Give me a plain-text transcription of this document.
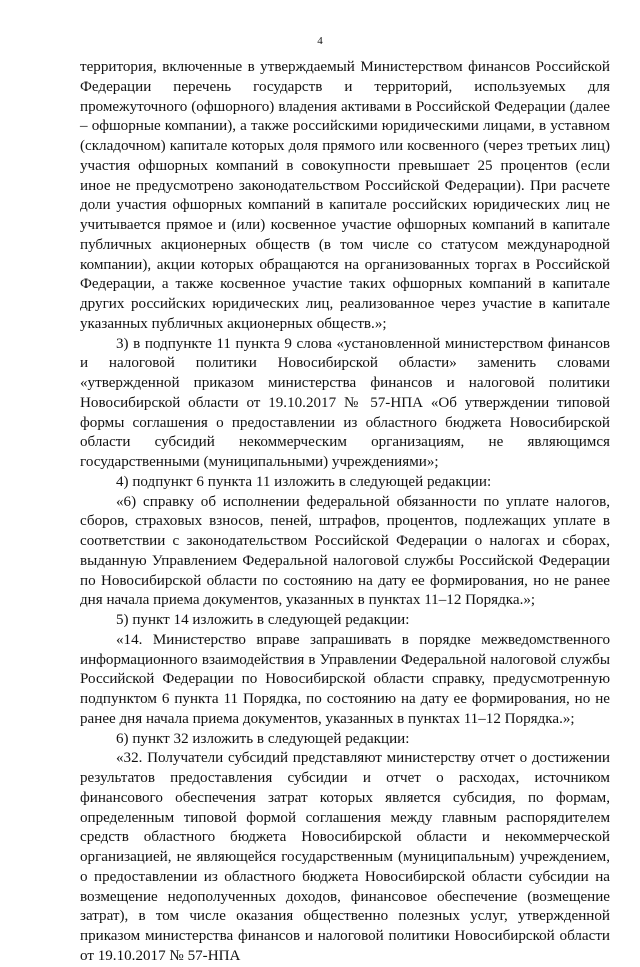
4

территория, включенные в утверждаемый Министерством финансов Российской Федерации перечень государств и территорий, используемых для промежуточного (офшорного) владения активами в Российской Федерации (далее – офшорные компании), а также российскими юридическими лицами, в уставном (складочном) капитале которых доля прямого или косвенного (через третьих лиц) участия офшорных компаний в совокупности превышает 25 процентов (если иное не предусмотрено законодательством Российской Федерации). При расчете доли участия офшорных компаний в капитале российских юридических лиц не учитывается прямое и (или) косвенное участие офшорных компаний в капитале публичных акционерных обществ (в том числе со статусом международной компании), акции которых обращаются на организованных торгах в Российской Федерации, а также косвенное участие таких офшорных компаний в капитале других российских юридических лиц, реализованное через участие в капитале указанных публичных акционерных обществ.»;

3) в подпункте 11 пункта 9 слова «установленной министерством финансов и налоговой политики Новосибирской области» заменить словами «утвержденной приказом министерства финансов и налоговой политики Новосибирской области от 19.10.2017 № 57-НПА «Об утверждении типовой формы соглашения о предоставлении из областного бюджета Новосибирской области субсидий некоммерческим организациям, не являющимся государственными (муниципальными) учреждениями»;

4) подпункт 6 пункта 11 изложить в следующей редакции:

«6) справку об исполнении федеральной обязанности по уплате налогов, сборов, страховых взносов, пеней, штрафов, процентов, подлежащих уплате в соответствии с законодательством Российской Федерации о налогах и сборах, выданную Управлением Федеральной налоговой службы Российской Федерации по Новосибирской области по состоянию на дату ее формирования, но не ранее дня начала приема документов, указанных в пунктах 11–12 Порядка.»;

5) пункт 14 изложить в следующей редакции:

«14. Министерство вправе запрашивать в порядке межведомственного информационного взаимодействия в Управлении Федеральной налоговой службы Российской Федерации по Новосибирской области справку, предусмотренную подпунктом 6 пункта 11 Порядка, по состоянию на дату ее формирования, но не ранее дня начала приема документов, указанных в пунктах 11–12 Порядка.»;

6) пункт 32 изложить в следующей редакции:

«32. Получатели субсидий представляют министерству отчет о достижении результатов предоставления субсидии и отчет о расходах, источником финансового обеспечения затрат которых является субсидия, по формам, определенным типовой формой соглашения между главным распорядителем средств областного бюджета Новосибирской области и некоммерческой организацией, не являющейся государственным (муниципальным) учреждением, о предоставлении из областного бюджета Новосибирской области субсидии на возмещение недополученных доходов, финансовое обеспечение (возмещение затрат), в том числе оказания общественно полезных услуг, утвержденной приказом министерства финансов и налоговой политики Новосибирской области от 19.10.2017 № 57-НПА
